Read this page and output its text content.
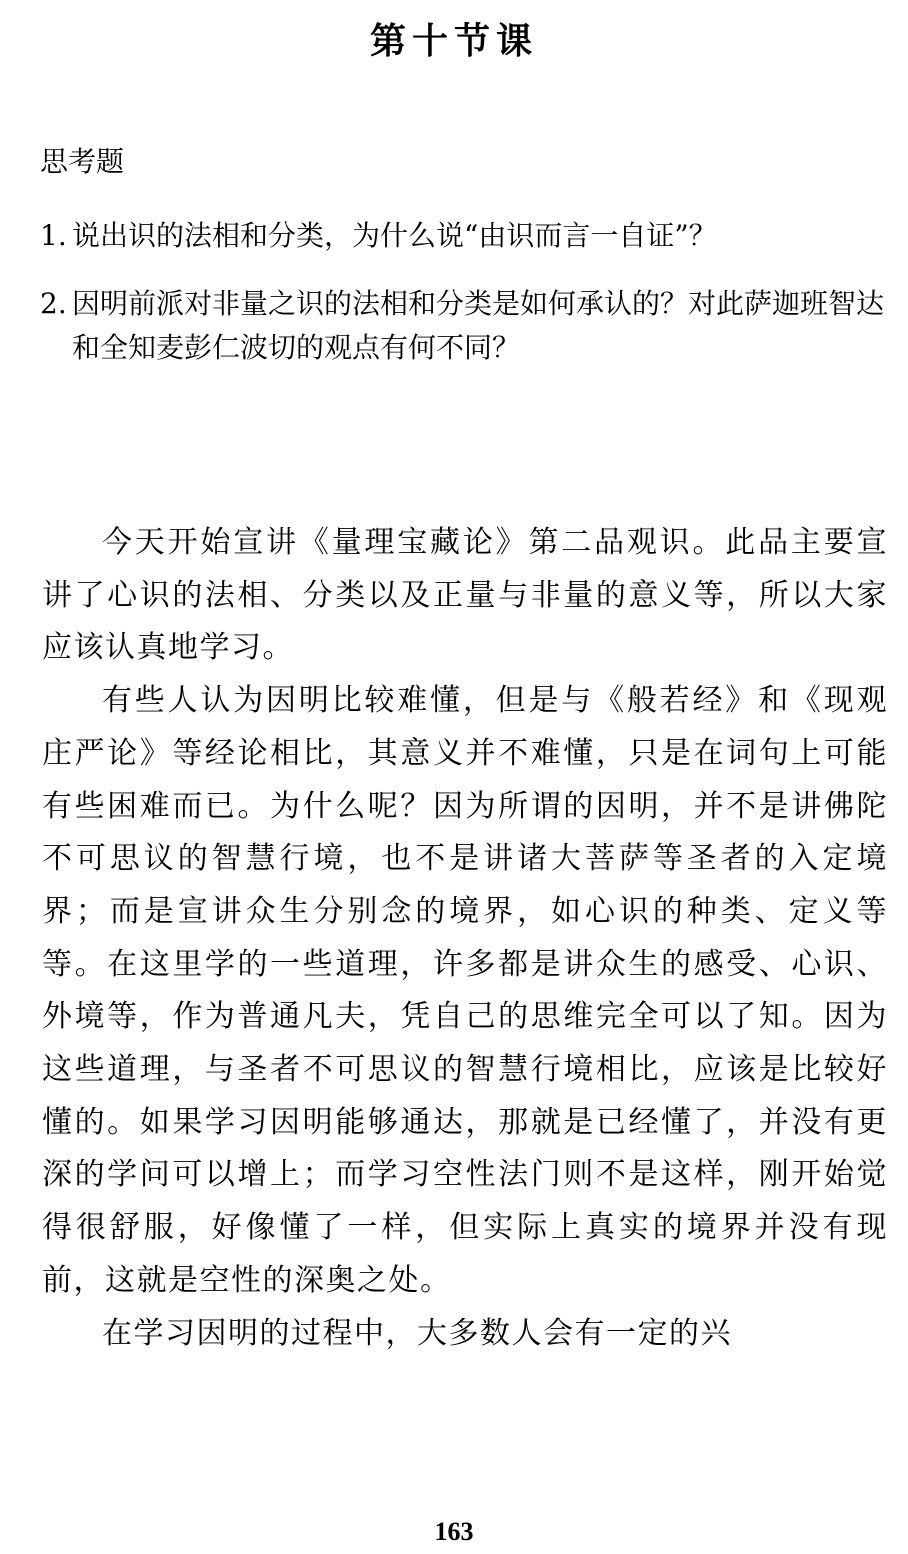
第十节课
思考题
1. 说出识的法相和分类，为什么说“由识而言一自证”？
2. 因明前派对非量之识的法相和分类是如何承认的？对此萨迦班智达和全知麦彭仁波切的观点有何不同？

今天开始宣讲《量理宝藏论》第二品观识。此品主要宣讲了心识的法相、分类以及正量与非量的意义等，所以大家应该认真地学习。

有些人认为因明比较难懂，但是与《般若经》和《现观庄严论》等经论相比，其意义并不难懂，只是在词句上可能有些困难而已。为什么呢？因为所谓的因明，并不是讲佛陀不可思议的智慧行境，也不是讲诸大菩萨等圣者的入定境界；而是宣讲众生分别念的境界，如心识的种类、定义等等。在这里学的一些道理，许多都是讲众生的感受、心识、外境等，作为普通凡夫，凭自己的思维完全可以了知。因为这些道理，与圣者不可思议的智慧行境相比，应该是比较好懂的。如果学习因明能够通达，那就是已经懂了，并没有更深的学问可以增上；而学习空性法门则不是这样，刚开始觉得很舒服，好像懂了一样，但实际上真实的境界并没有现前，这就是空性的深奥之处。

在学习因明的过程中，大多数人会有一定的兴

163
